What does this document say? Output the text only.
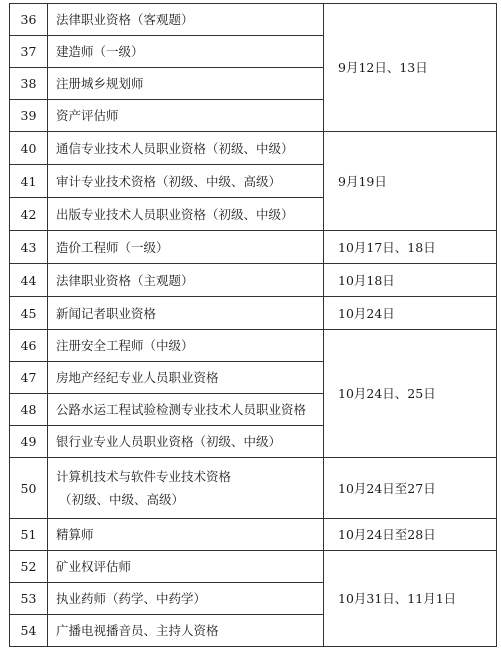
36	法律职业资格（客观题）	9月12日、13日
37	建造师（一级）	
38	注册城乡规划师	
39	资产评估师	
40	通信专业技术人员职业资格（初级、中级）	9月19日
41	审计专业技术资格（初级、中级、高级）	
42	出版专业技术人员职业资格（初级、中级）	
43	造价工程师（一级）	10月17日、18日
44	法律职业资格（主观题）	10月18日
45	新闻记者职业资格	10月24日
46	注册安全工程师（中级）	10月24日、25日
47	房地产经纪专业人员职业资格	
48	公路水运工程试验检测专业技术人员职业资格	
49	银行业专业人员职业资格（初级、中级）	
50	计算机技术与软件专业技术资格
（初级、中级、高级）	10月24日至27日
51	精算师	10月24日至28日
52	矿业权评估师	10月31日、11月1日
53	执业药师（药学、中药学）	
54	广播电视播音员、主持人资格	
